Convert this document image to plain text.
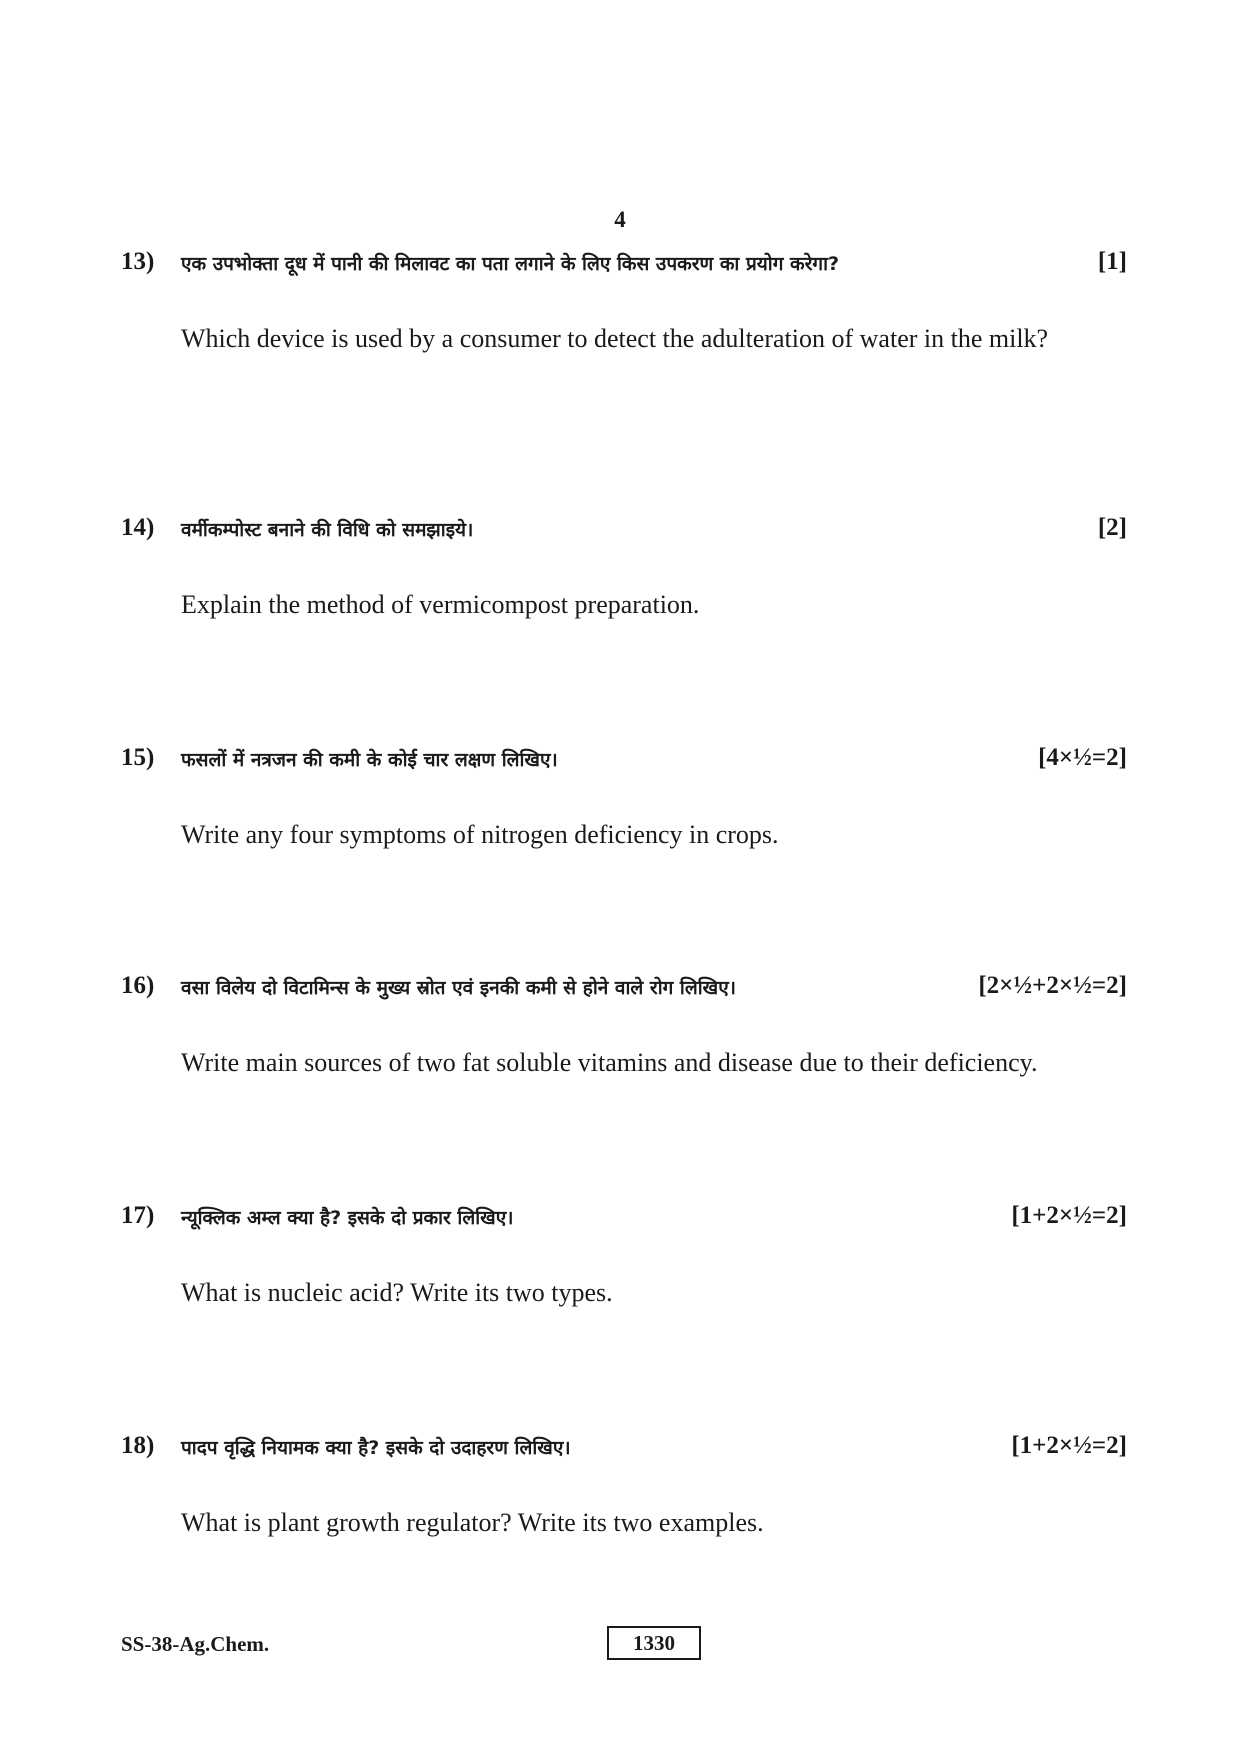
4
13) एक उपभोक्ता दूध में पानी की मिलावट का पता लगाने के लिए किस उपकरण का प्रयोग करेगा?	[1]
Which device is used by a consumer to detect the adulteration of water in the milk?
14) वर्मीकम्पोस्ट बनाने की विधि को समझाइये।	[2]
Explain the method of vermicompost preparation.
15) फसलों में नत्रजन की कमी के कोई चार लक्षण लिखिए।	[4×½=2]
Write any four symptoms of nitrogen deficiency in crops.
16) वसा विलेय दो विटामिन्स के मुख्य स्रोत एवं इनकी कमी से होने वाले रोग लिखिए।	[2×½+2×½=2]
Write main sources of two fat soluble vitamins and disease due to their deficiency.
17) न्यूक्लिक अम्ल क्या है? इसके दो प्रकार लिखिए।	[1+2×½=2]
What is nucleic acid? Write its two types.
18) पादप वृद्धि नियामक क्या है? इसके दो उदाहरण लिखिए।	[1+2×½=2]
What is plant growth regulator? Write its two examples.
SS-38-Ag.Chem.	1330
